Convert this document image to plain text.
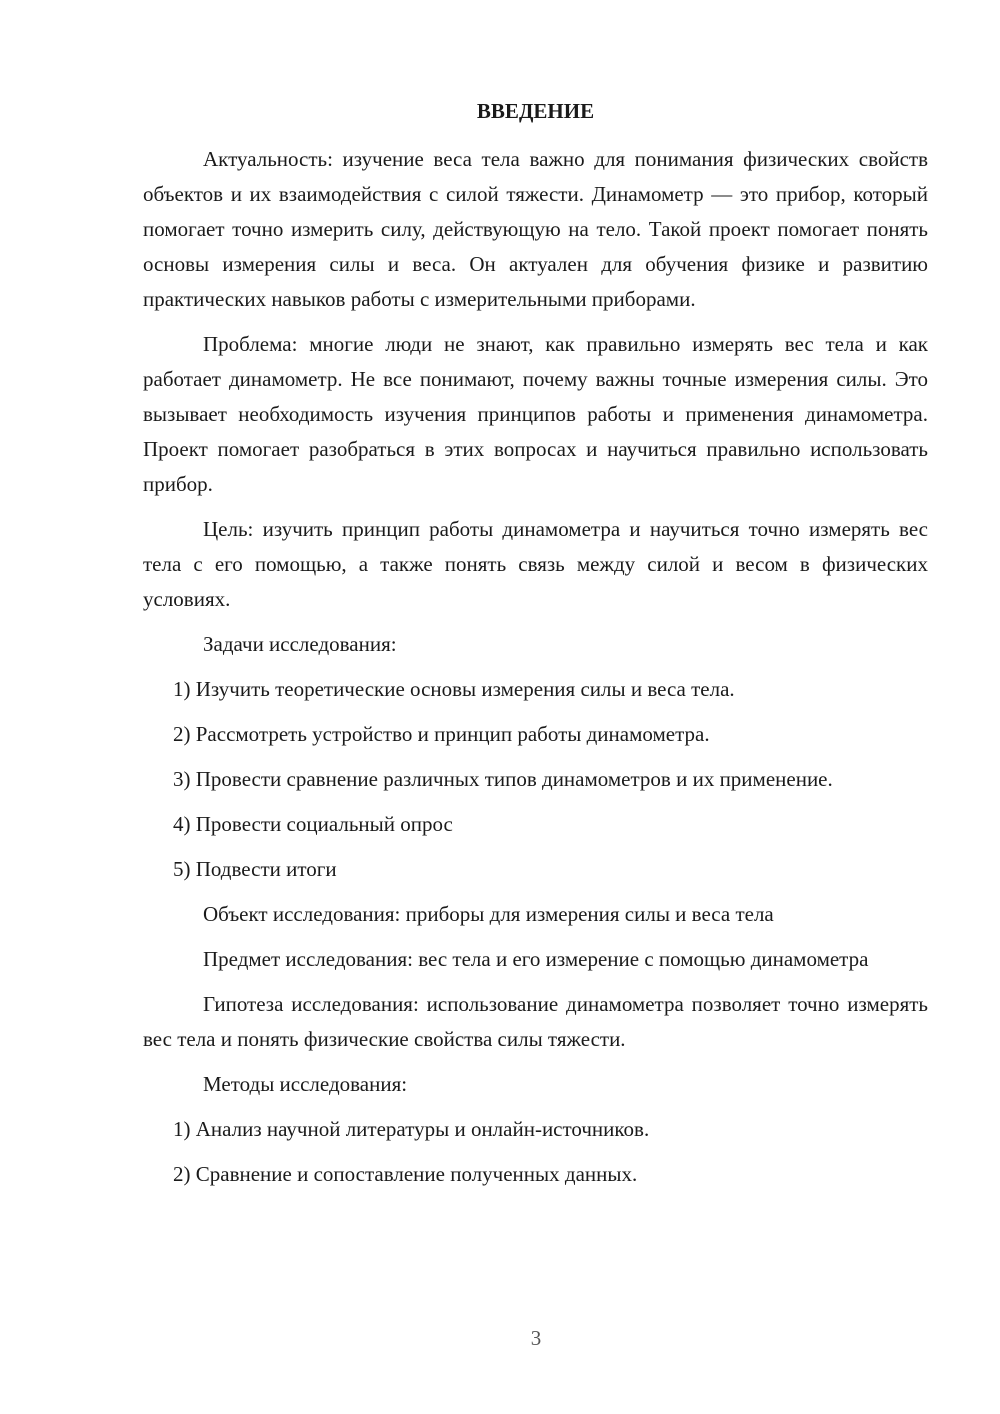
ВВЕДЕНИЕ

Актуальность: изучение веса тела важно для понимания физических свойств объектов и их взаимодействия с силой тяжести. Динамометр — это прибор, который помогает точно измерить силу, действующую на тело. Такой проект помогает понять основы измерения силы и веса. Он актуален для обучения физике и развитию практических навыков работы с измерительными приборами.

Проблема: многие люди не знают, как правильно измерять вес тела и как работает динамометр. Не все понимают, почему важны точные измерения силы. Это вызывает необходимость изучения принципов работы и применения динамометра. Проект помогает разобраться в этих вопросах и научиться правильно использовать прибор.

Цель: изучить принцип работы динамометра и научиться точно измерять вес тела с его помощью, а также понять связь между силой и весом в физических условиях.

Задачи исследования:

1) Изучить теоретические основы измерения силы и веса тела.

2) Рассмотреть устройство и принцип работы динамометра.

3) Провести сравнение различных типов динамометров и их применение.

4) Провести социальный опрос

5) Подвести итоги

Объект исследования: приборы для измерения силы и веса тела

Предмет исследования: вес тела и его измерение с помощью динамометра

Гипотеза исследования: использование динамометра позволяет точно измерять вес тела и понять физические свойства силы тяжести.

Методы исследования:

1) Анализ научной литературы и онлайн-источников.

2) Сравнение и сопоставление полученных данных.

3
